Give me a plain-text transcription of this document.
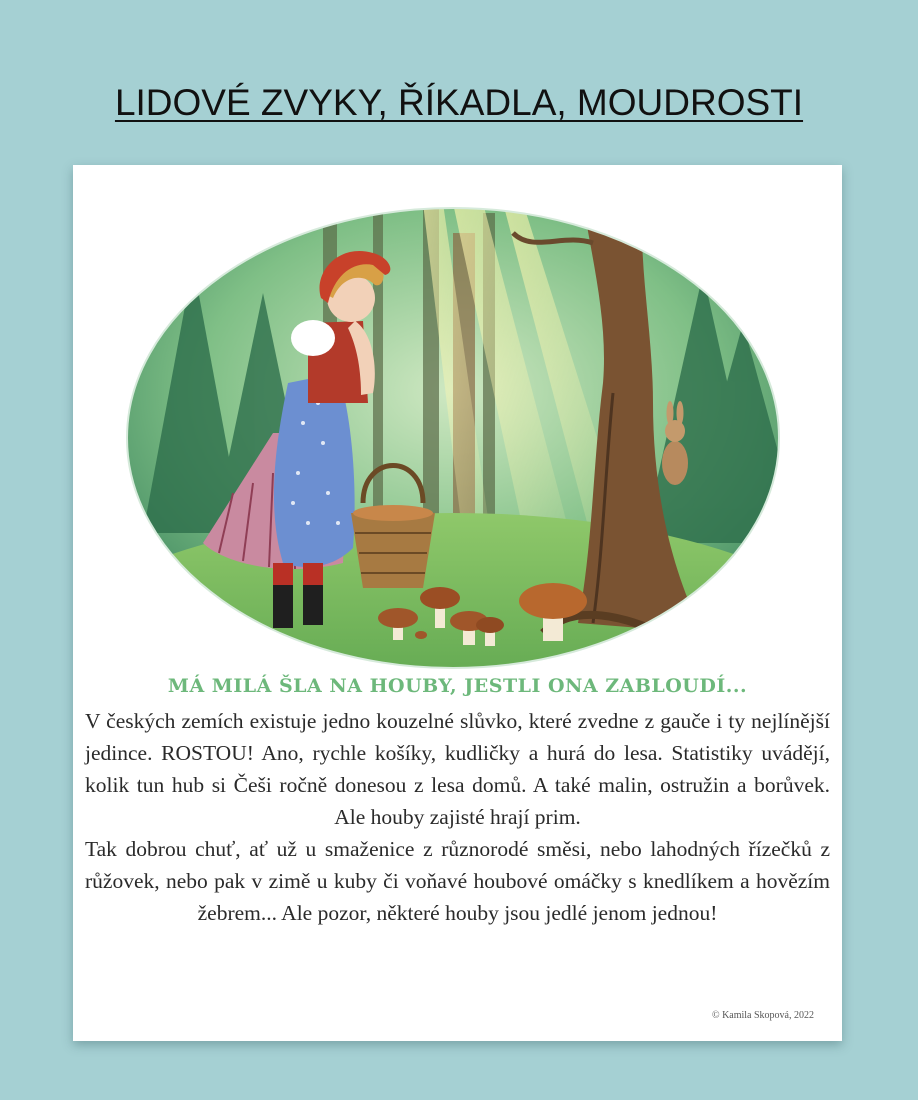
LIDOVÉ ZVYKY, ŘÍKADLA, MOUDROSTI
MÁ MILÁ ŠLA NA HOUBY, JESTLI ONA ZABLOUDÍ...

V českých zemích existuje jedno kouzelné slůvko, které zvedne z gauče i ty nejlínější jedince. ROSTOU! Ano, rychle košíky, kudličky a hurá do lesa. Statistiky uvádějí, kolik tun hub si Češi ročně donesou z lesa domů. A také malin, ostružin a borůvek. Ale houby zajisté hrají prim.

Tak dobrou chuť, ať už u smaženice z různorodé směsi, nebo lahodných řízečků z růžovek, nebo pak v zimě u kuby či voňavé houbové omáčky s knedlíkem a hovězím žebrem... Ale pozor, některé houby jsou jedlé jenom jednou!

© Kamila Skopová, 2022
